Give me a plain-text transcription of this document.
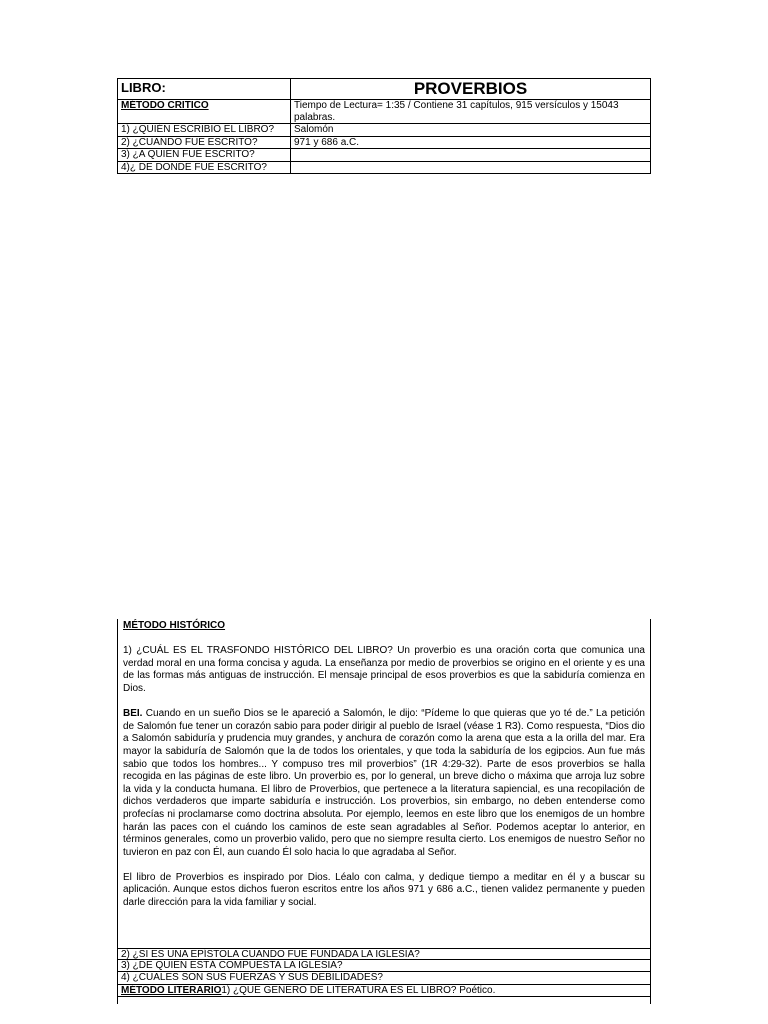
LIBRO:	PROVERBIOS
MÉTODO CRITICO	Tiempo de Lectura= 1:35 / Contiene 31 capítulos, 915 versículos y 15043 palabras.
1) ¿QUIÉN ESCRIBIO EL LIBRO?	Salomón
2) ¿CUANDO FUE ESCRITO?	971 y 686 a.C.
3) ¿A QUIEN FUE ESCRITO?	
4)¿ DE DONDE FUE ESCRITO?	

MÉTODO HISTÓRICO

1) ¿CUÁL ES EL TRASFONDO HISTÓRICO DEL LIBRO? Un proverbio es una oración corta que comunica una verdad moral en una forma concisa y aguda. La enseñanza por medio de proverbios se origino en el oriente y es una de las formas más antiguas de instrucción. El mensaje principal de esos proverbios es que la sabiduría comienza en Dios.

BEI. Cuando en un sueño Dios se le apareció a Salomón, le dijo: “Pídeme lo que quieras que yo té de.” La petición de Salomón fue tener un corazón sabio para poder dirigir al pueblo de Israel (véase 1 R3). Como respuesta, “Dios dio a Salomón sabiduría y prudencia muy grandes, y anchura de corazón como la arena que esta a la orilla del mar. Era mayor la sabiduría de Salomón que la de todos los orientales, y que toda la sabiduría de los egipcios. Aun fue más sabio que todos los hombres... Y compuso tres mil proverbios” (1R 4:29-32). Parte de esos proverbios se halla recogida en las páginas de este libro. Un proverbio es, por lo general, un breve dicho o máxima que arroja luz sobre la vida y la conducta humana. El libro de Proverbios, que pertenece a la literatura sapiencial, es una recopilación de dichos verdaderos que imparte sabiduría e instrucción. Los proverbios, sin embargo, no deben entenderse como profecías ni proclamarse como doctrina absoluta. Por ejemplo, leemos en este libro que los enemigos de un hombre harán las paces con el cuándo los caminos de este sean agradables al Señor. Podemos aceptar lo anterior, en términos generales, como un proverbio valido, pero que no siempre resulta cierto. Los enemigos de nuestro Señor no tuvieron en paz con Él, aun cuando Él solo hacia lo que agradaba al Señor.

El libro de Proverbios es inspirado por Dios. Léalo con calma, y dedique tiempo a meditar en él y a buscar su aplicación. Aunque estos dichos fueron escritos entre los años 971 y 686 a.C., tienen validez permanente y pueden darle dirección para la vida familiar y social.

2) ¿SI ES UNA EPÍSTOLA CUANDO FUE FUNDADA LA IGLESIA?
3) ¿DE QUIEN ESTÁ COMPUESTA LA IGLESIA?
4) ¿CUALES SON SUS FUERZAS Y SUS DEBILIDADES?
MÉTODO LITERARIO1) ¿QUE GENERO DE LITERATURA ES EL LIBRO? Poético.
